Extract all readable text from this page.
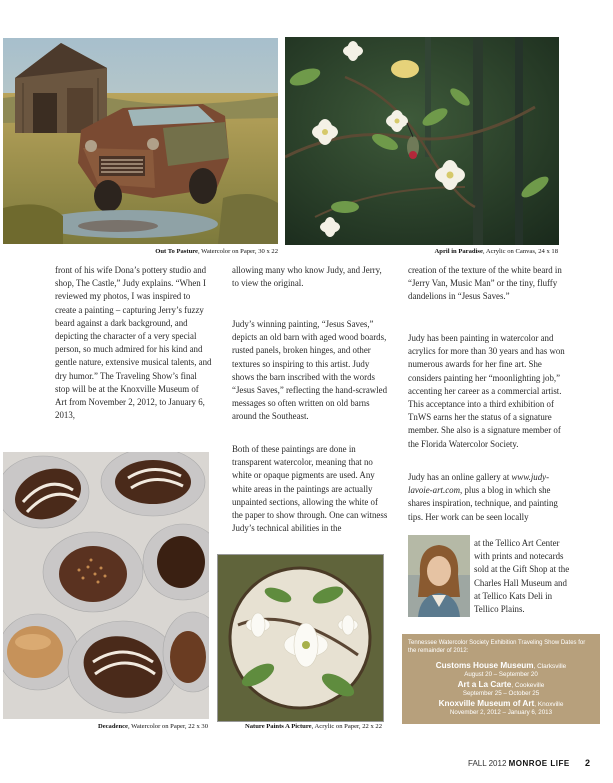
Out To Pasture, Watercolor on Paper, 30 x 22	April in Paradise, Acrylic on Canvas, 24 x 18

front of his wife Dona’s pottery studio and shop, The Castle,” Judy explains. “When I reviewed my photos, I was inspired to create a painting – capturing Jerry’s fuzzy beard against a dark background, and depicting the character of a very special person, so much admired for his kind and gentle nature, extensive musical talents, and dry humor.” The Traveling Show’s final stop will be at the Knoxville Museum of Art from November 2, 2012, to January 6, 2013,

allowing many who know Judy, and Jerry, to view the original.

Judy’s winning painting, “Jesus Saves,” depicts an old barn with aged wood boards, rusted panels, broken hinges, and other textures so inspiring to this artist. Judy shows the barn inscribed with the words “Jesus Saves,” reflecting the hand-scrawled messages so often written on old barns around the Southeast.

Both of these paintings are done in transparent watercolor, meaning that no white or opaque pigments are used. Any white areas in the paintings are actually unpainted sections, allowing the white of the paper to show through. One can witness Judy’s technical abilities in the

creation of the texture of the white beard in “Jerry Van, Music Man” or the tiny, fluffy dandelions in “Jesus Saves.”

Judy has been painting in watercolor and acrylics for more than 30 years and has won numerous awards for her fine art. She considers painting her “moonlighting job,” accenting her career as a commercial artist. This acceptance into a third exhibition of TnWS earns her the status of a signature member. She also is a signature member of the Florida Watercolor Society.

Judy has an online gallery at www.judy-lavoie-art.com, plus a blog in which she shares inspiration, technique, and painting tips. Her work can be seen locally

at the Tellico Art Center with prints and notecards sold at the Gift Shop at the Charles Hall Museum and at Tellico Kats Deli in Tellico Plains.

Decadence, Watercolor on Paper, 22 x 30	Nature Paints A Picture, Acrylic on Paper, 22 x 22
Tennessee Watercolor Society Exhibition Traveling Show Dates for the remainder of 2012:
Customs House Museum, Clarksville
August 20 – September 20
Art a La Carte, Cookeville
September 25 – October 25
Knoxville Museum of Art, Knoxville
November 2, 2012 – January 6, 2013
FALL 2012 MONROE LIFE 2
